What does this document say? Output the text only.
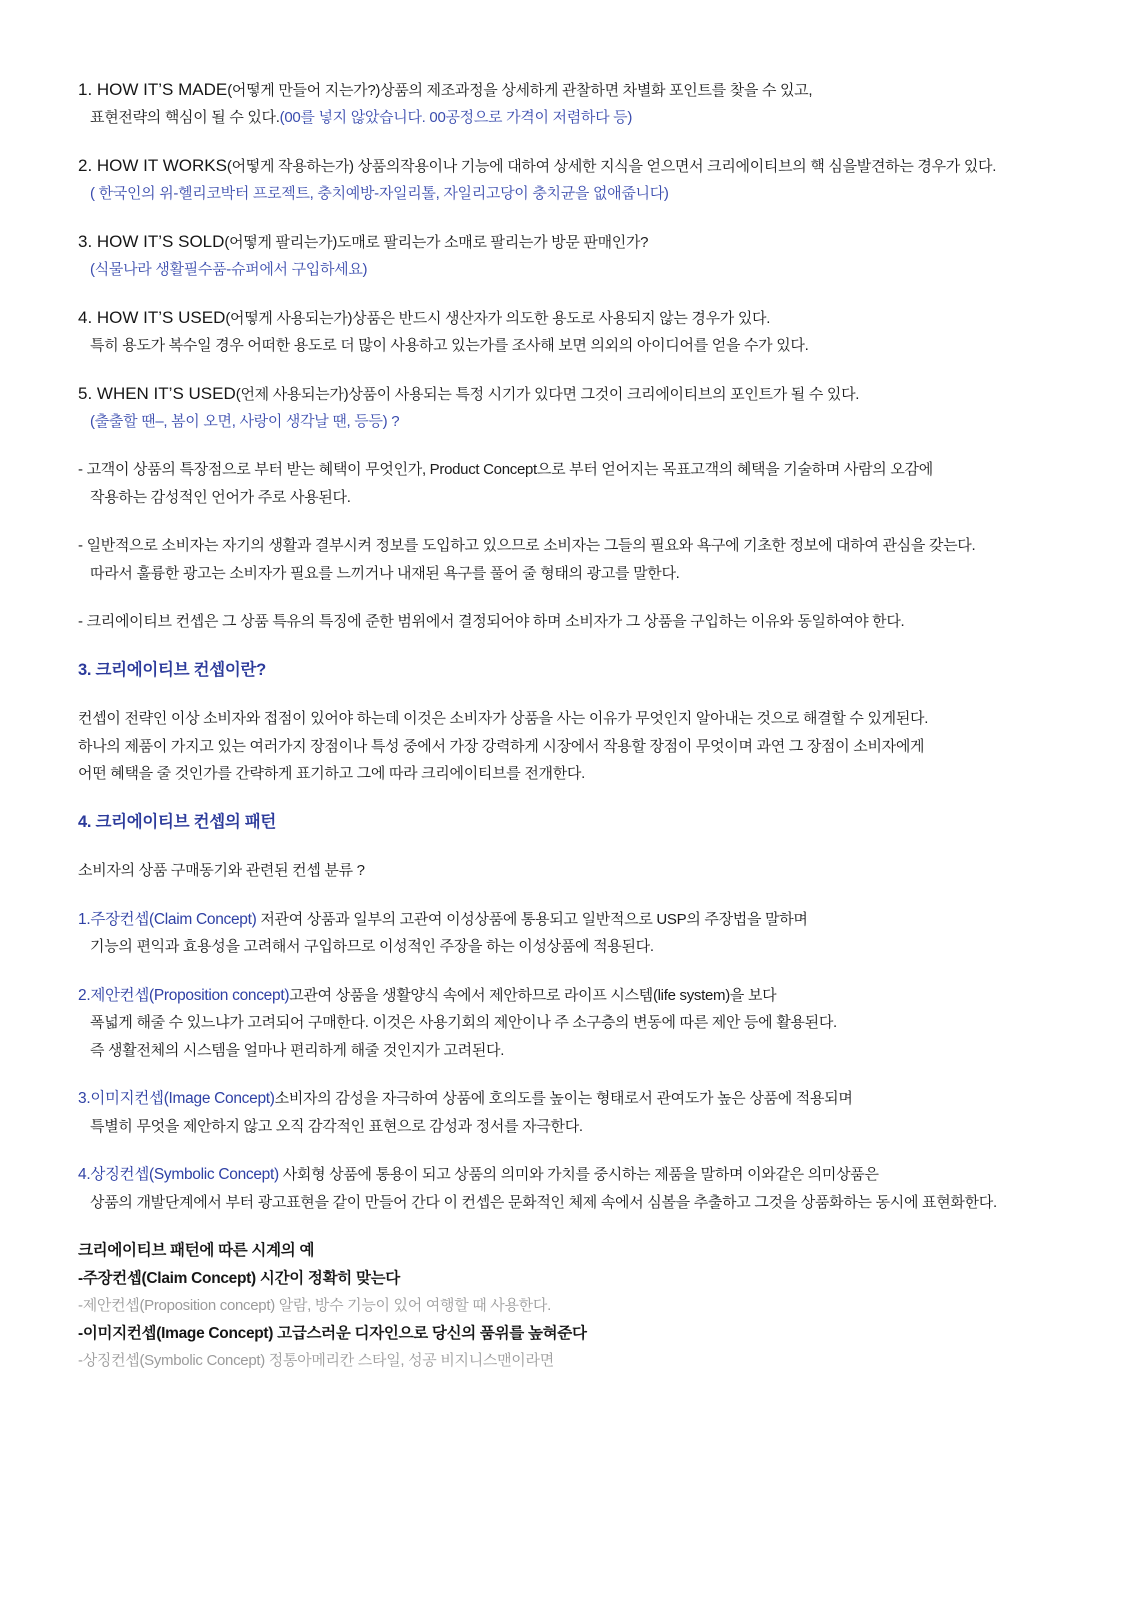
1. HOW IT’S MADE(어떻게 만들어 지는가?)상품의 제조과정을 상세하게 관찰하면 차별화 포인트를 찾을 수 있고,
표현전략의 핵심이 될 수 있다.(00를 넣지 않았습니다. 00공정으로 가격이 저렴하다 등)
2. HOW IT WORKS(어떻게 작용하는가) 상품의작용이나 기능에 대하여 상세한 지식을 얻으면서 크리에이티브의 핵 심을발견하는 경우가 있다.
( 한국인의 위-헬리코박터 프로젝트, 충치예방-자일리톨, 자일리고당이 충치균을 없애줍니다)
3. HOW IT’S SOLD(어떻게 팔리는가)도매로 팔리는가 소매로 팔리는가 방문 판매인가?
(식물나라 생활필수품-슈퍼에서 구입하세요)
4. HOW IT’S USED(어떻게 사용되는가)상품은 반드시 생산자가 의도한 용도로 사용되지 않는 경우가 있다.
특히 용도가 복수일 경우 어떠한 용도로 더 많이 사용하고 있는가를 조사해 보면 의외의 아이디어를 얻을 수가 있다.
5. WHEN IT’S USED(언제 사용되는가)상품이 사용되는 특정 시기가 있다면 그것이 크리에이티브의 포인트가 될 수 있다.
(출출할 땐–, 봄이 오면, 사랑이 생각날 땐, 등등) ?
- 고객이 상품의 특장점으로 부터 받는 혜택이 무엇인가, Product Concept으로 부터 얻어지는 목표고객의 혜택을 기술하며 사람의 오감에
작용하는 감성적인 언어가 주로 사용된다.
- 일반적으로 소비자는 자기의 생활과 결부시켜 정보를 도입하고 있으므로 소비자는 그들의 필요와 욕구에 기초한 정보에 대하여 관심을 갖는다.
따라서 훌륭한 광고는 소비자가 필요를 느끼거나 내재된 욕구를 풀어 줄 형태의 광고를 말한다.
- 크리에이티브 컨셉은 그 상품 특유의 특징에 준한 범위에서 결정되어야 하며 소비자가 그 상품을 구입하는 이유와 동일하여야 한다.
3. 크리에이티브 컨셉이란?
컨셉이 전략인 이상 소비자와 접점이 있어야 하는데 이것은 소비자가 상품을 사는 이유가 무엇인지 알아내는 것으로 해결할 수 있게된다.
하나의 제품이 가지고 있는 여러가지 장점이나 특성 중에서 가장 강력하게 시장에서 작용할 장점이 무엇이며 과연 그 장점이 소비자에게
어떤 혜택을 줄 것인가를 간략하게 표기하고 그에 따라 크리에이티브를 전개한다.
4. 크리에이티브 컨셉의 패턴
소비자의 상품 구매동기와 관련된 컨셉 분류 ?
1.주장컨셉(Claim Concept) 저관여 상품과 일부의 고관여 이성상품에 통용되고 일반적으로 USP의 주장법을 말하며
기능의 편익과 효용성을 고려해서 구입하므로 이성적인 주장을 하는 이성상품에 적용된다.
2.제안컨셉(Proposition concept)고관여 상품을 생활양식 속에서 제안하므로 라이프 시스템(life system)을 보다
폭넓게 해줄 수 있느냐가 고려되어 구매한다. 이것은 사용기회의 제안이나 주 소구층의 변동에 따른 제안 등에 활용된다.
즉 생활전체의 시스템을 얼마나 편리하게 해줄 것인지가 고려된다.
3.이미지컨셉(Image Concept)소비자의 감성을 자극하여 상품에 호의도를 높이는 형태로서 관여도가 높은 상품에 적용되며
특별히 무엇을 제안하지 않고 오직 감각적인 표현으로 감성과 정서를 자극한다.
4.상징컨셉(Symbolic Concept) 사회형 상품에 통용이 되고 상품의 의미와 가치를 중시하는 제품을 말하며 이와같은 의미상품은
상품의 개발단계에서 부터 광고표현을 같이 만들어 간다 이 컨셉은 문화적인 체제 속에서 심볼을 추출하고 그것을 상품화하는 동시에 표현화한다.
크리에이티브 패턴에 따른 시계의 예
-주장컨셉(Claim Concept) 시간이 정확히 맞는다
-제안컨셉(Proposition concept) 알람, 방수 기능이 있어 여행할 때 사용한다.
-이미지컨셉(Image Concept) 고급스러운 디자인으로 당신의 품위를 높혀준다
-상징컨셉(Symbolic Concept) 정통아메리칸 스타일, 성공 비지니스맨이라면
